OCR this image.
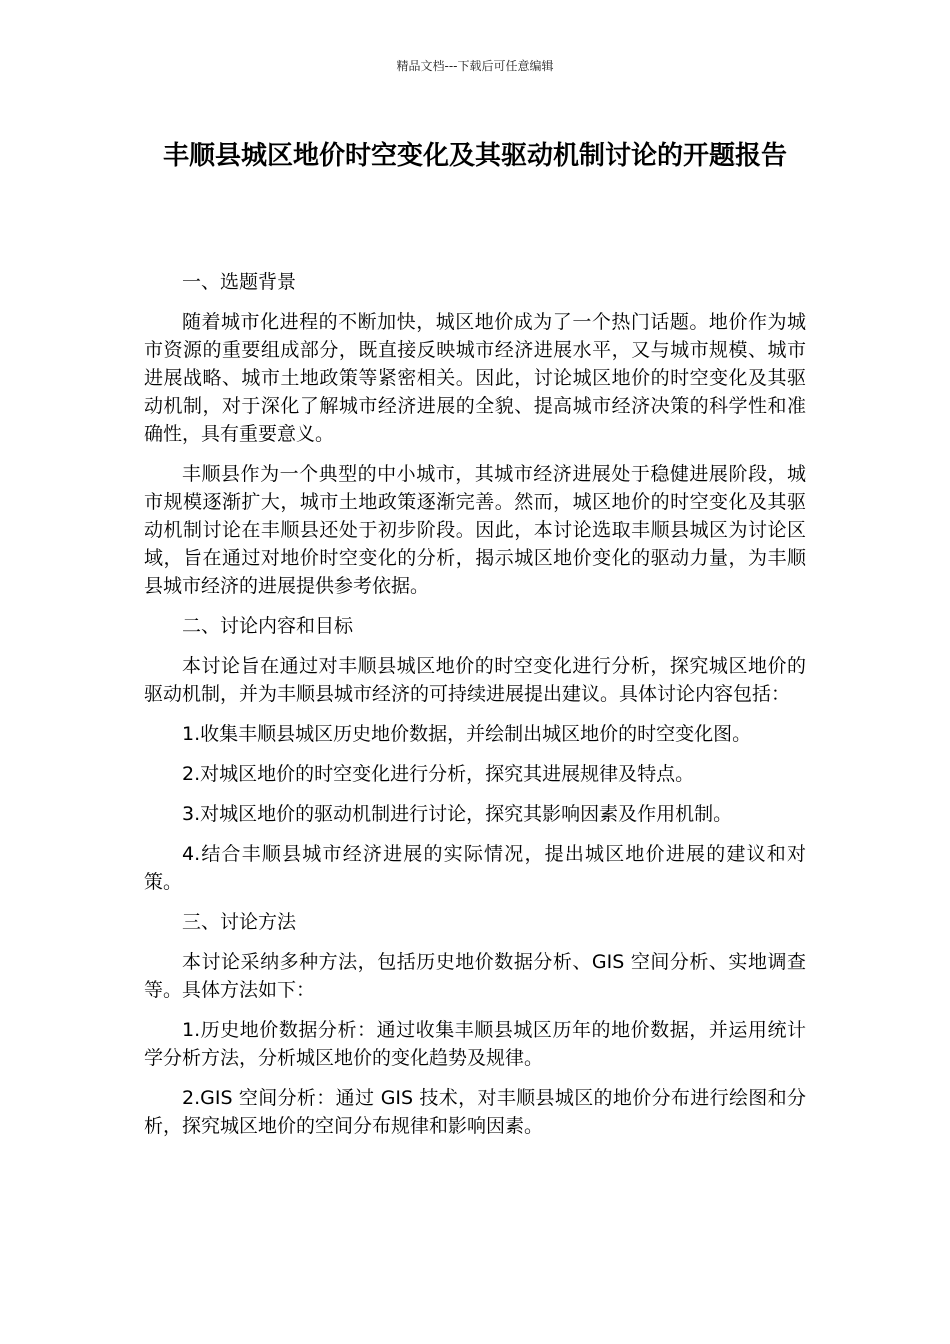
精品文档---下载后可任意编辑
丰顺县城区地价时空变化及其驱动机制讨论的开题报告

一、选题背景

随着城市化进程的不断加快，城区地价成为了一个热门话题。地价作为城市资源的重要组成部分，既直接反映城市经济进展水平，又与城市规模、城市进展战略、城市土地政策等紧密相关。因此，讨论城区地价的时空变化及其驱动机制，对于深化了解城市经济进展的全貌、提高城市经济决策的科学性和准确性，具有重要意义。

丰顺县作为一个典型的中小城市，其城市经济进展处于稳健进展阶段，城市规模逐渐扩大，城市土地政策逐渐完善。然而，城区地价的时空变化及其驱动机制讨论在丰顺县还处于初步阶段。因此，本讨论选取丰顺县城区为讨论区域，旨在通过对地价时空变化的分析，揭示城区地价变化的驱动力量，为丰顺县城市经济的进展提供参考依据。

二、讨论内容和目标

本讨论旨在通过对丰顺县城区地价的时空变化进行分析，探究城区地价的驱动机制，并为丰顺县城市经济的可持续进展提出建议。具体讨论内容包括：

1.收集丰顺县城区历史地价数据，并绘制出城区地价的时空变化图。

2.对城区地价的时空变化进行分析，探究其进展规律及特点。

3.对城区地价的驱动机制进行讨论，探究其影响因素及作用机制。

4.结合丰顺县城市经济进展的实际情况，提出城区地价进展的建议和对策。

三、讨论方法

本讨论采纳多种方法，包括历史地价数据分析、GIS 空间分析、实地调查等。具体方法如下：

1.历史地价数据分析：通过收集丰顺县城区历年的地价数据，并运用统计学分析方法，分析城区地价的变化趋势及规律。

2.GIS 空间分析：通过 GIS 技术，对丰顺县城区的地价分布进行绘图和分析，探究城区地价的空间分布规律和影响因素。
